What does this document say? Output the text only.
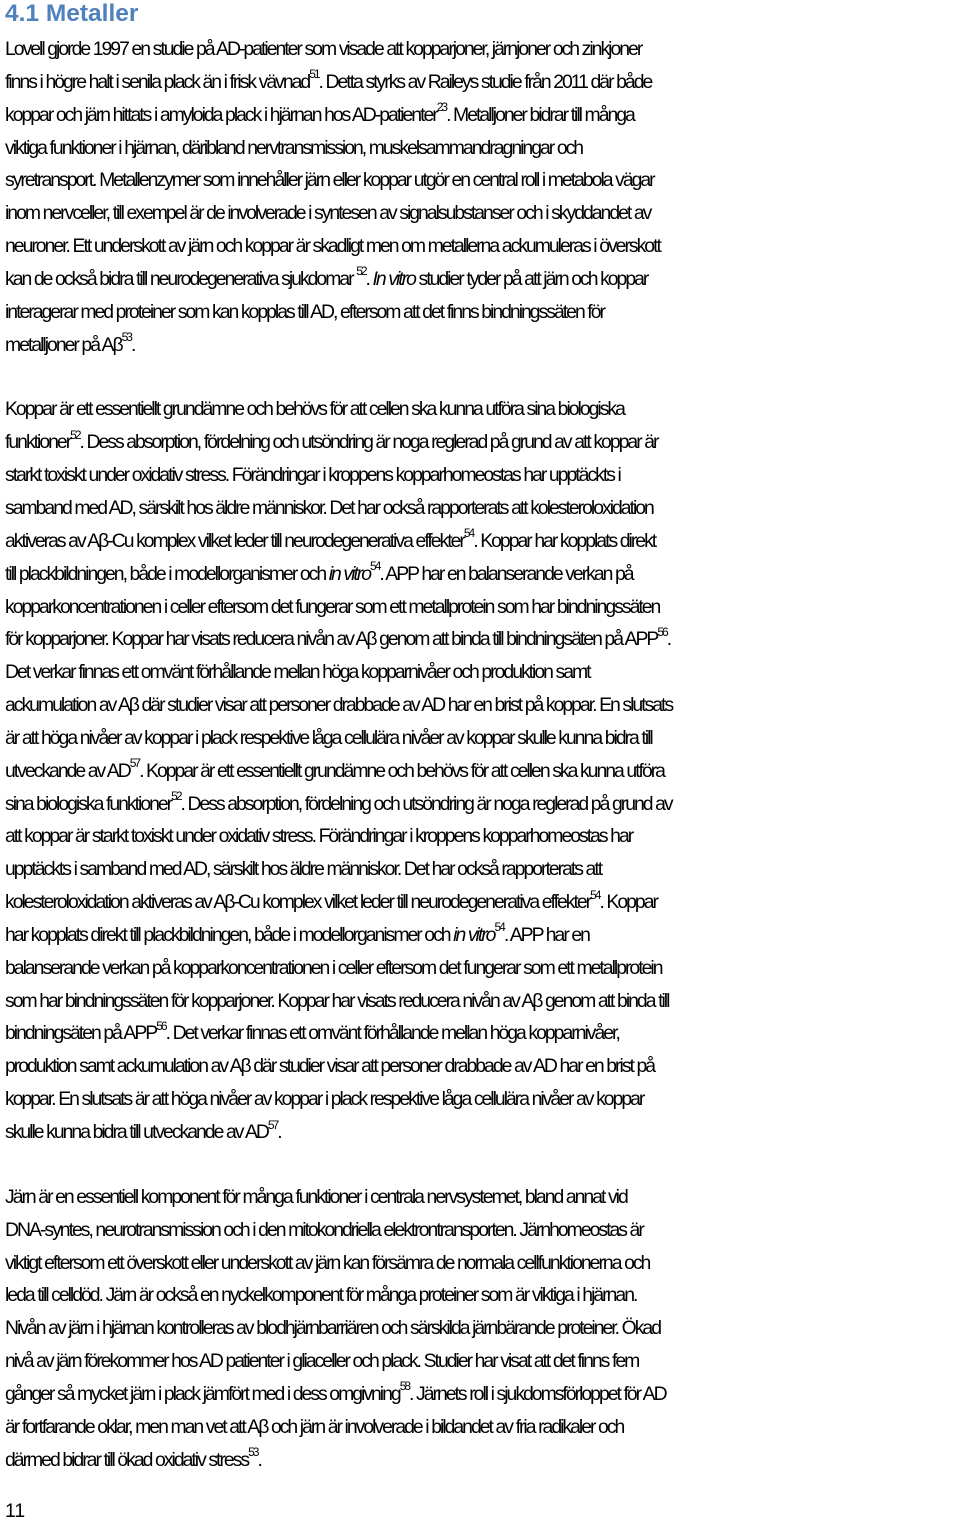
4.1 Metaller

Lovell gjorde 1997 en studie på AD-patienter som visade att kopparjoner, järnjoner och zinkjoner
finns i högre halt i senila plack än i frisk vävnad$^{51}$. Detta styrks av Raileys studie från 2011 där både
koppar och järn hittats i amyloida plack i hjärnan hos AD-patienter$^{23}$. Metalljoner bidrar till många
viktiga funktioner i hjärnan, däribland nervtransmission, muskelsammandragningar och
syretransport. Metallenzymer som innehåller järn eller koppar utgör en central roll i metabola vägar
inom nervceller, till exempel är de involverade i syntesen av signalsubstanser och i skyddandet av
neuroner. Ett underskott av järn och koppar är skadligt men om metallerna ackumuleras i överskott
kan de också bidra till neurodegenerativa sjukdomar $^{52}$. In vitro studier tyder på att järn och koppar
interagerar med proteiner som kan kopplas till AD, eftersom att det finns bindningssäten för
metalljoner på $A\beta^{53}$.

Koppar är ett essentiellt grundämne och behövs för att cellen ska kunna utföra sina biologiska
funktioner$^{52}$. Dess absorption, fördelning och utsöndring är noga reglerad på grund av att koppar är
starkt toxiskt under oxidativ stress. Förändringar i kroppens kopparhomeostas har upptäckts i
samband med AD, särskilt hos äldre människor. Det har också rapporterats att kolesteroloxidation
aktiveras av Aβ-Cu komplex vilket leder till neurodegenerativa effekter$^{54}$. Koppar har kopplats direkt
till plackbildningen, både i modellorganismer och in vitro$^{54}$. APP har en balanserande verkan på
kopparkoncentrationen i celler eftersom det fungerar som ett metallprotein som har bindningssäten
för kopparjoner. Koppar har visats reducera nivån av Aβ genom att binda till bindningsäten på APP$^{56}$.
Det verkar finnas ett omvänt förhållande mellan höga kopparnivåer och produktion samt
ackumulation av Aβ där studier visar att personer drabbade av AD har en brist på koppar. En slutsats
är att höga nivåer av koppar i plack respektive låga cellulära nivåer av koppar skulle kunna bidra till
utveckande av AD$^{57}$. Koppar är ett essentiellt grundämne och behövs för att cellen ska kunna utföra
sina biologiska funktioner$^{52}$. Dess absorption, fördelning och utsöndring är noga reglerad på grund av
att koppar är starkt toxiskt under oxidativ stress. Förändringar i kroppens kopparhomeostas har
upptäckts i samband med AD, särskilt hos äldre människor. Det har också rapporterats att
kolesteroloxidation aktiveras av Aβ-Cu komplex vilket leder till neurodegenerativa effekter$^{54}$. Koppar
har kopplats direkt till plackbildningen, både i modellorganismer och in vitro$^{54}$. APP har en
balanserande verkan på kopparkoncentrationen i celler eftersom det fungerar som ett metallprotein
som har bindningssäten för kopparjoner. Koppar har visats reducera nivån av Aβ genom att binda till
bindningsäten på APP$^{56}$. Det verkar finnas ett omvänt förhållande mellan höga kopparnivåer,
produktion samt ackumulation av Aβ där studier visar att personer drabbade av AD har en brist på
koppar. En slutsats är att höga nivåer av koppar i plack respektive låga cellulära nivåer av koppar
skulle kunna bidra till utveckande av AD$^{57}$.

Järn är en essentiell komponent för många funktioner i centrala nervsystemet, bland annat vid
DNA-syntes, neurotransmission och i den mitokondriella elektrontransporten. Järnhomeostas är
viktigt eftersom ett överskott eller underskott av järn kan försämra de normala cellfunktionerna och
leda till celldöd. Järn är också en nyckelkomponent för många proteiner som är viktiga i hjärnan.
Nivån av järn i hjärnan kontrolleras av blodhjärnbarriären och särskilda järnbärande proteiner. Ökad
nivå av järn förekommer hos AD patienter i gliaceller och plack. Studier har visat att det finns fem
gånger så mycket järn i plack jämfört med i dess omgivning$^{58}$. Järnets roll i sjukdomsförloppet för AD
är fortfarande oklar, men man vet att Aβ och järn är involverade i bildandet av fria radikaler och
därmed bidrar till ökad oxidativ stress$^{53}$.

11
